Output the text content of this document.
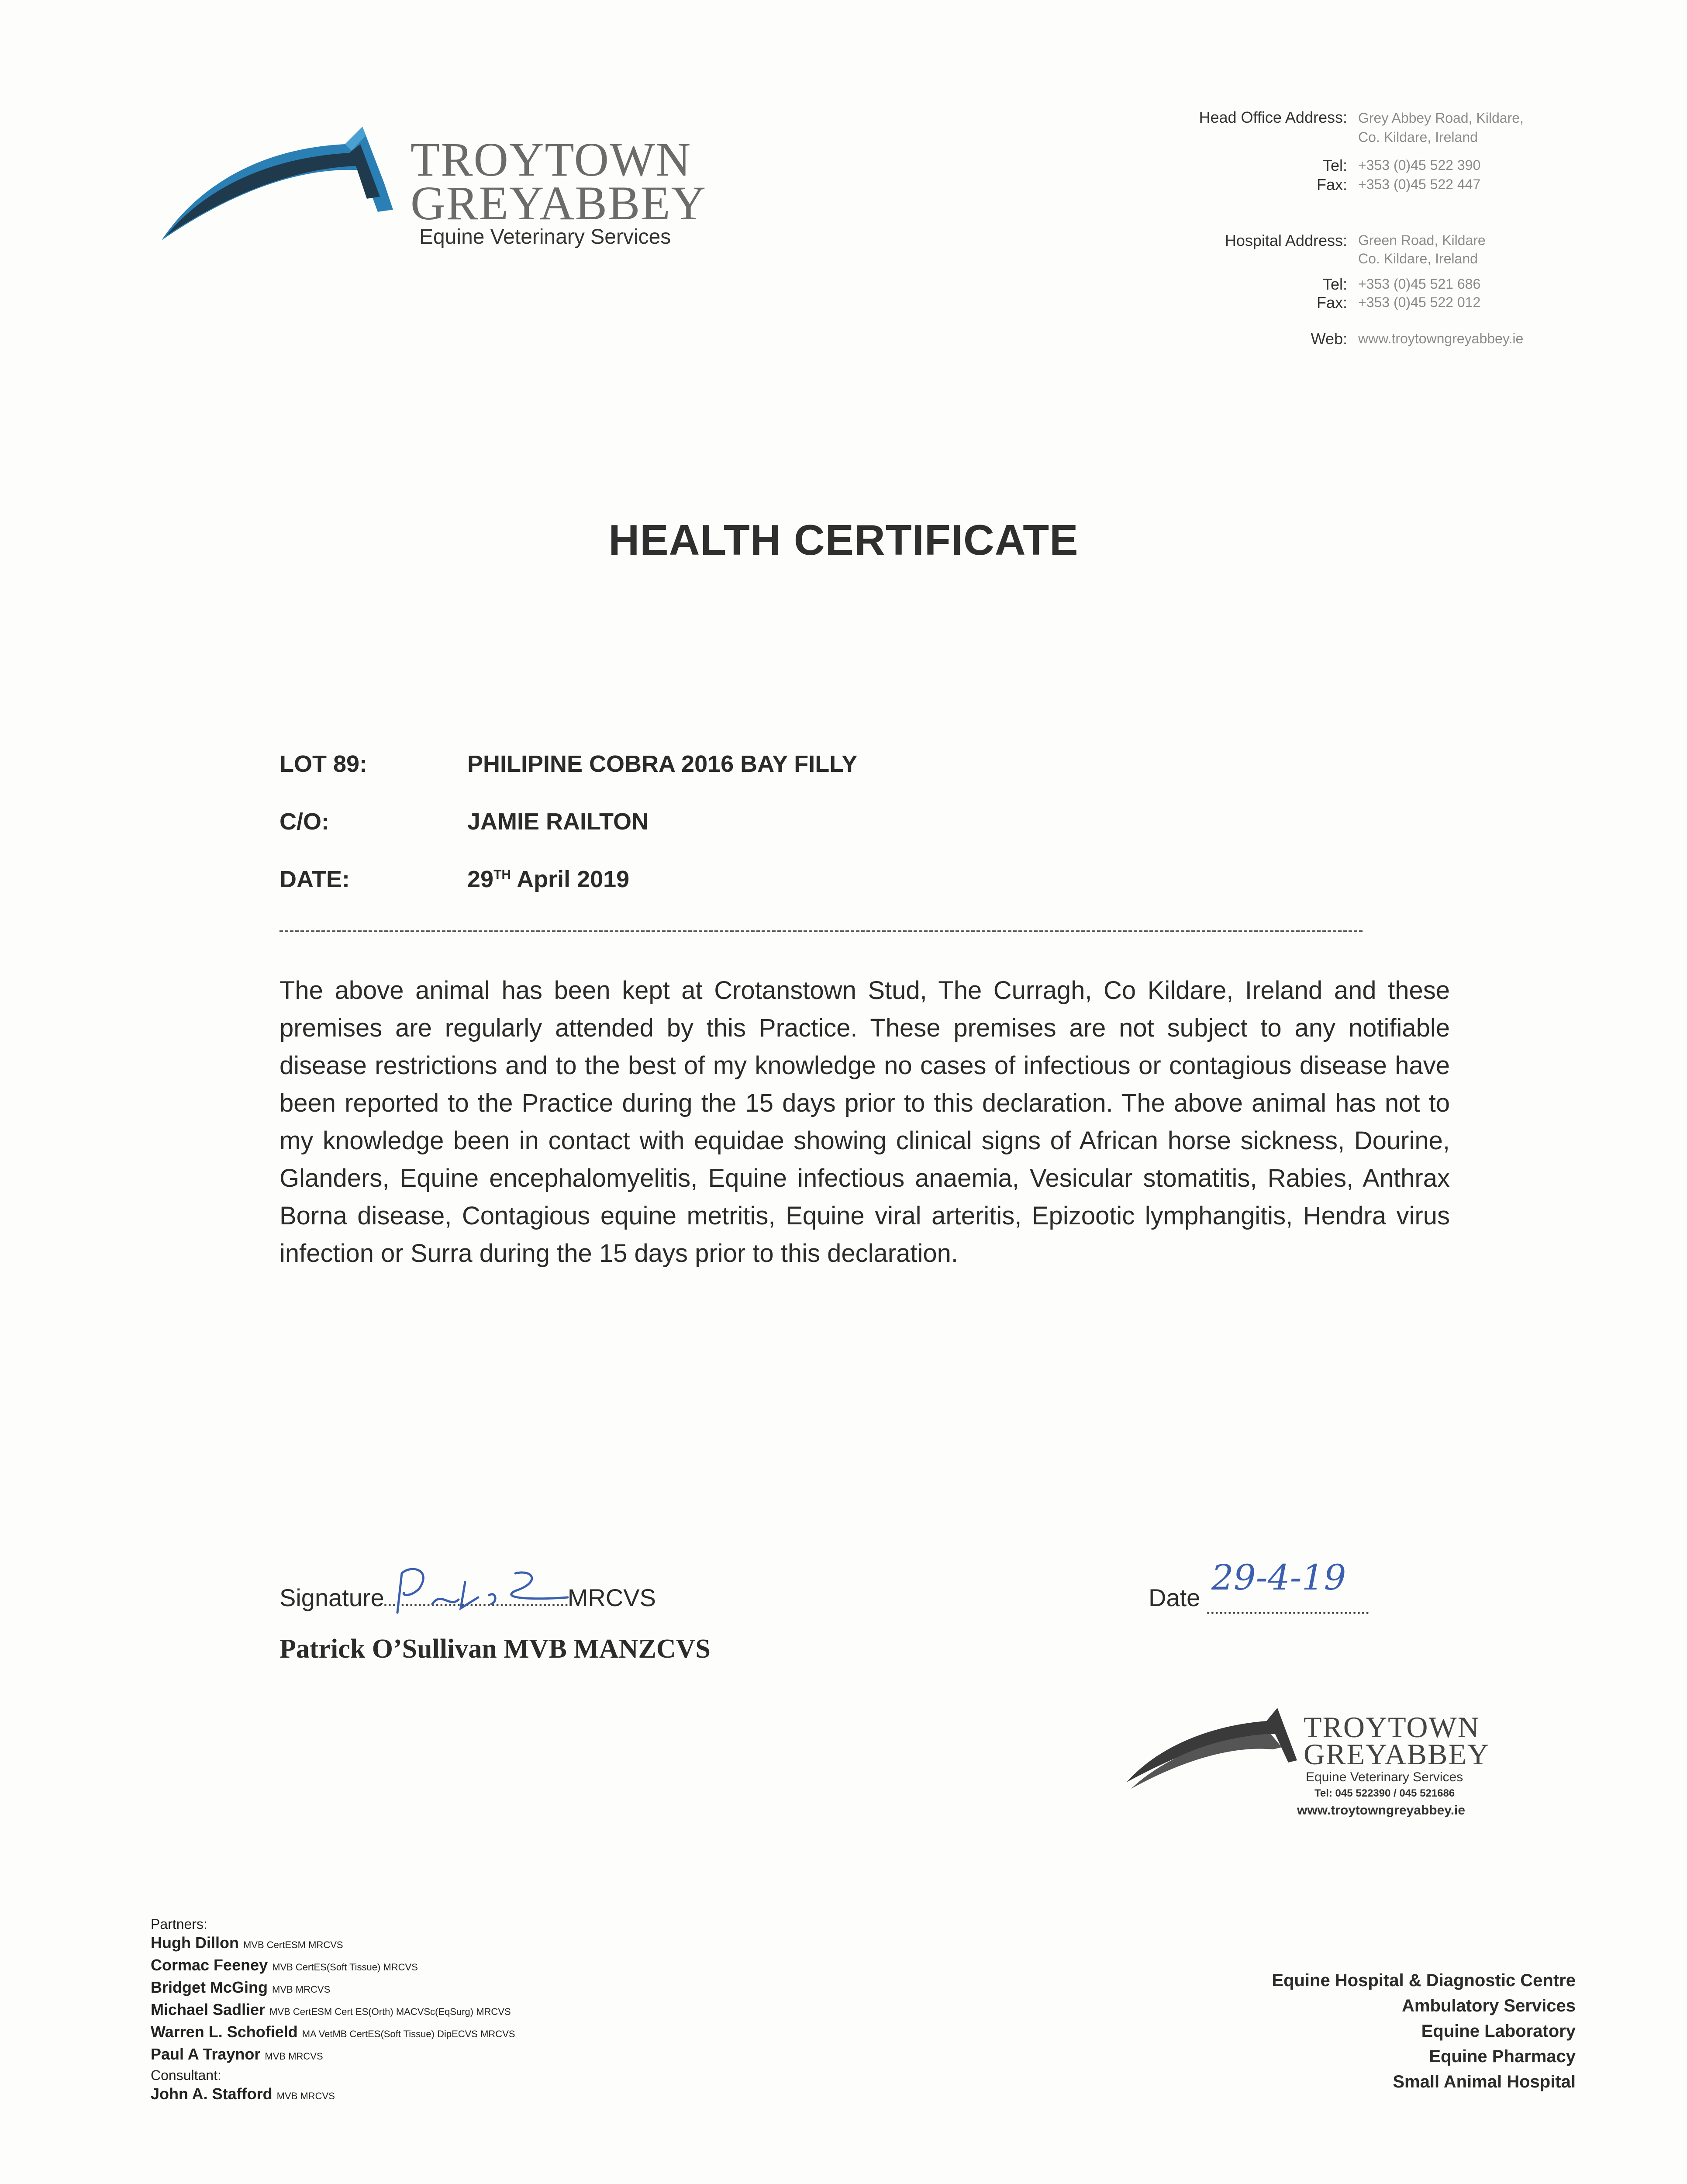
TROYTOWN
GREYABBEY
Equine Veterinary Services
Head Office Address: Grey Abbey Road, Kildare,
Co. Kildare, Ireland
Tel: +353 (0)45 522 390
Fax: +353 (0)45 522 447
Hospital Address: Green Road, Kildare
Co. Kildare, Ireland
Tel: +353 (0)45 521 686
Fax: +353 (0)45 522 012
Web: www.troytowngreyabbey.ie
HEALTH CERTIFICATE
LOT 89:	PHILIPINE COBRA 2016 BAY FILLY
C/O:	JAMIE RAILTON
DATE:	29TH April 2019
The above animal has been kept at Crotanstown Stud, The Curragh, Co Kildare, Ireland and these premises are regularly attended by this Practice. These premises are not subject to any notifiable disease restrictions and to the best of my knowledge no cases of infectious or contagious disease have been reported to the Practice during the 15 days prior to this declaration. The above animal has not to my knowledge been in contact with equidae showing clinical signs of African horse sickness, Dourine, Glanders, Equine encephalomyelitis, Equine infectious anaemia, Vesicular stomatitis, Rabies, Anthrax Borna disease, Contagious equine metritis, Equine viral arteritis, Epizootic lymphangitis, Hendra virus infection or Surra during the 15 days prior to this declaration.
Signature	MRCVS
Patrick O’Sullivan MVB MANZCVS
Date 29-4-19

TROYTOWN
GREYABBEY
Equine Veterinary Services
Tel: 045 522390 / 045 521686
www.troytowngreyabbey.ie
Partners:
Hugh Dillon MVB CertESM MRCVS
Cormac Feeney MVB CertES(Soft Tissue) MRCVS
Bridget McGing MVB MRCVS
Michael Sadlier MVB CertESM Cert ES(Orth) MACVSc(EqSurg) MRCVS
Warren L. Schofield MA VetMB CertES(Soft Tissue) DipECVS MRCVS
Paul A Traynor MVB MRCVS
Consultant:
John A. Stafford MVB MRCVS
Equine Hospital & Diagnostic Centre
Ambulatory Services
Equine Laboratory
Equine Pharmacy
Small Animal Hospital
